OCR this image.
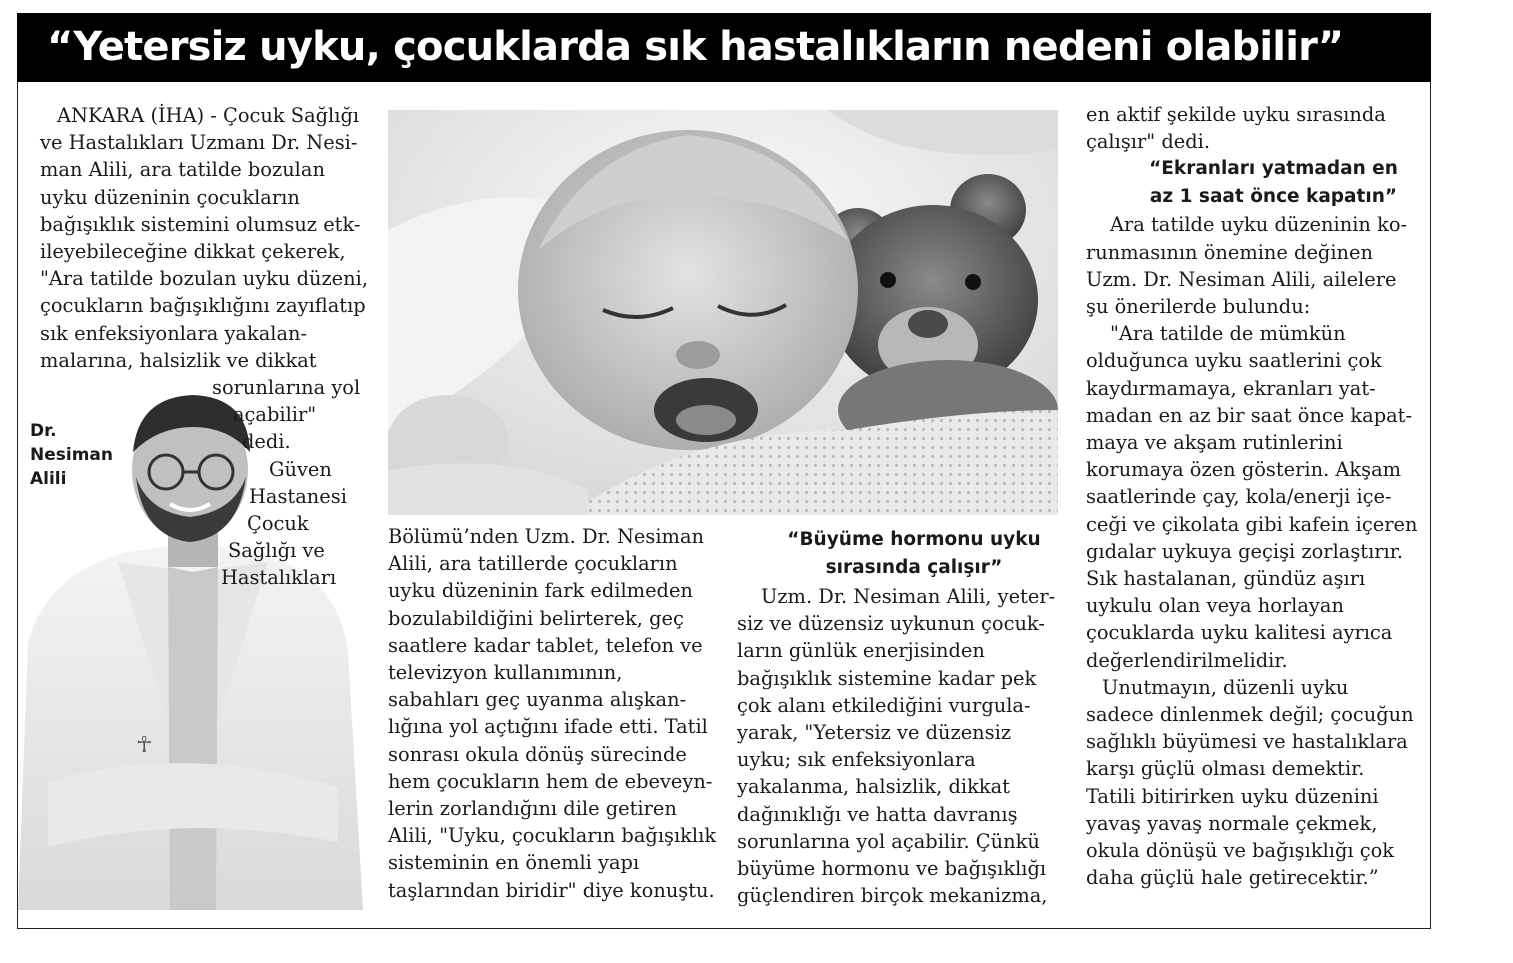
“Yetersiz uyku, çocuklarda sık hastalıkların nedeni olabilir”
☥
Dr.
Nesiman
Alili
ANKARA (İHA) - Çocuk Sağlığı
ve Hastalıkları Uzmanı Dr. Nesi-
man Alili, ara tatilde bozulan
uyku düzeninin çocukların
bağışıklık sistemini olumsuz etk-
ileyebileceğine dikkat çekerek,
"Ara tatilde bozulan uyku düzeni,
çocukların bağışıklığını zayıflatıp
sık enfeksiyonlara yakalan-
malarına, halsizlik ve dikkat
sorunlarına yol
açabilir"
dedi.
Güven
Hastanesi
Çocuk
Sağlığı ve
Hastalıkları
Bölümü’nden Uzm. Dr. Nesiman
Alili, ara tatillerde çocukların
uyku düzeninin fark edilmeden
bozulabildiğini belirterek, geç
saatlere kadar tablet, telefon ve
televizyon kullanımının,
sabahları geç uyanma alışkan-
lığına yol açtığını ifade etti. Tatil
sonrası okula dönüş sürecinde
hem çocukların hem de ebeveyn-
lerin zorlandığını dile getiren
Alili, "Uyku, çocukların bağışıklık
sisteminin en önemli yapı
taşlarından biridir" diye konuştu.
“Büyüme hormonu uyku
sırasında çalışır”
Uzm. Dr. Nesiman Alili, yeter-
siz ve düzensiz uykunun çocuk-
ların günlük enerjisinden
bağışıklık sistemine kadar pek
çok alanı etkilediğini vurgula-
yarak, "Yetersiz ve düzensiz
uyku; sık enfeksiyonlara
yakalanma, halsizlik, dikkat
dağınıklığı ve hatta davranış
sorunlarına yol açabilir. Çünkü
büyüme hormonu ve bağışıklığı
güçlendiren birçok mekanizma,
en aktif şekilde uyku sırasında
çalışır" dedi.
“Ekranları yatmadan en
az 1 saat önce kapatın”
Ara tatilde uyku düzeninin ko-
runmasının önemine değinen
Uzm. Dr. Nesiman Alili, ailelere
şu önerilerde bulundu:
"Ara tatilde de mümkün
olduğunca uyku saatlerini çok
kaydırmamaya, ekranları yat-
madan en az bir saat önce kapat-
maya ve akşam rutinlerini
korumaya özen gösterin. Akşam
saatlerinde çay, kola/enerji içe-
ceği ve çikolata gibi kafein içeren
gıdalar uykuya geçişi zorlaştırır.
Sık hastalanan, gündüz aşırı
uykulu olan veya horlayan
çocuklarda uyku kalitesi ayrıca
değerlendirilmelidir.
Unutmayın, düzenli uyku
sadece dinlenmek değil; çocuğun
sağlıklı büyümesi ve hastalıklara
karşı güçlü olması demektir.
Tatili bitirirken uyku düzenini
yavaş yavaş normale çekmek,
okula dönüşü ve bağışıklığı çok
daha güçlü hale getirecektir.”
